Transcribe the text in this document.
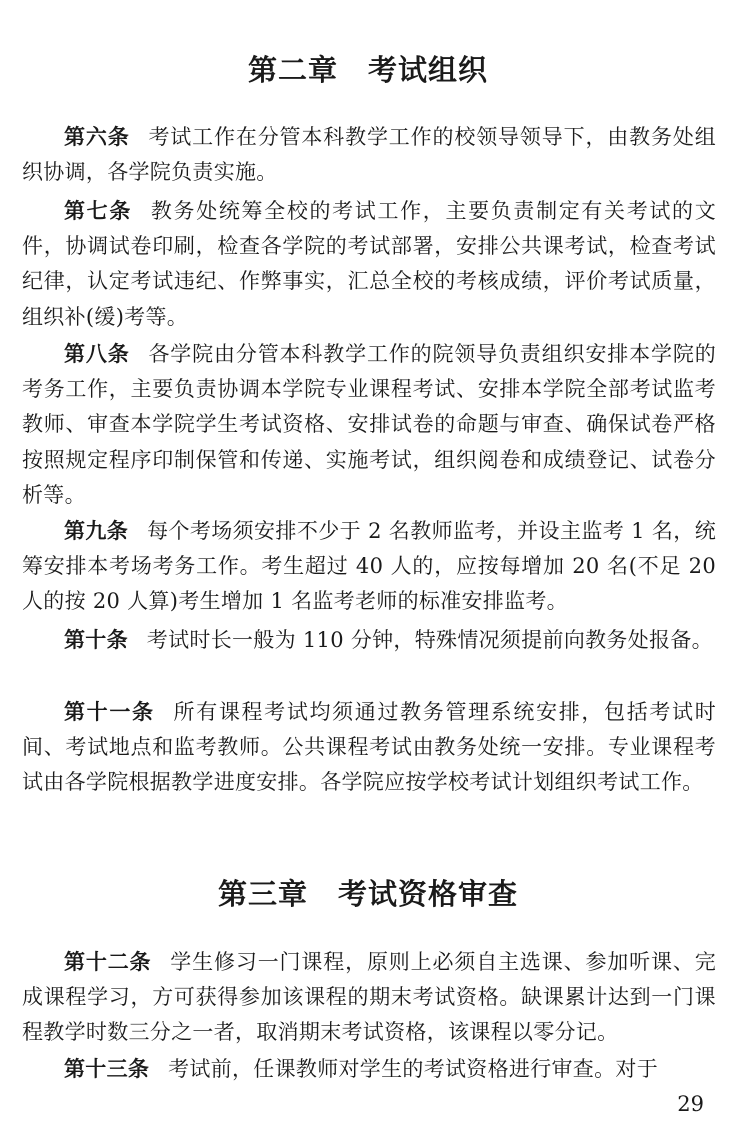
第二章　考试组织

第六条 考试工作在分管本科教学工作的校领导领导下，由教务处组织协调，各学院负责实施。

第七条 教务处统筹全校的考试工作，主要负责制定有关考试的文件，协调试卷印刷，检查各学院的考试部署，安排公共课考试，检查考试纪律，认定考试违纪、作弊事实，汇总全校的考核成绩，评价考试质量，组织补(缓)考等。

第八条 各学院由分管本科教学工作的院领导负责组织安排本学院的考务工作，主要负责协调本学院专业课程考试、安排本学院全部考试监考教师、审查本学院学生考试资格、安排试卷的命题与审查、确保试卷严格按照规定程序印制保管和传递、实施考试，组织阅卷和成绩登记、试卷分析等。

第九条 每个考场须安排不少于 2 名教师监考，并设主监考 1 名，统筹安排本考场考务工作。考生超过 40 人的，应按每增加 20 名(不足 20 人的按 20 人算)考生增加 1 名监考老师的标准安排监考。

第十条 考试时长一般为 110 分钟，特殊情况须提前向教务处报备。

第十一条 所有课程考试均须通过教务管理系统安排，包括考试时间、考试地点和监考教师。公共课程考试由教务处统一安排。专业课程考试由各学院根据教学进度安排。各学院应按学校考试计划组织考试工作。

第三章　考试资格审查

第十二条 学生修习一门课程，原则上必须自主选课、参加听课、完成课程学习，方可获得参加该课程的期末考试资格。缺课累计达到一门课程教学时数三分之一者，取消期末考试资格，该课程以零分记。

第十三条 考试前，任课教师对学生的考试资格进行审查。对于

29
